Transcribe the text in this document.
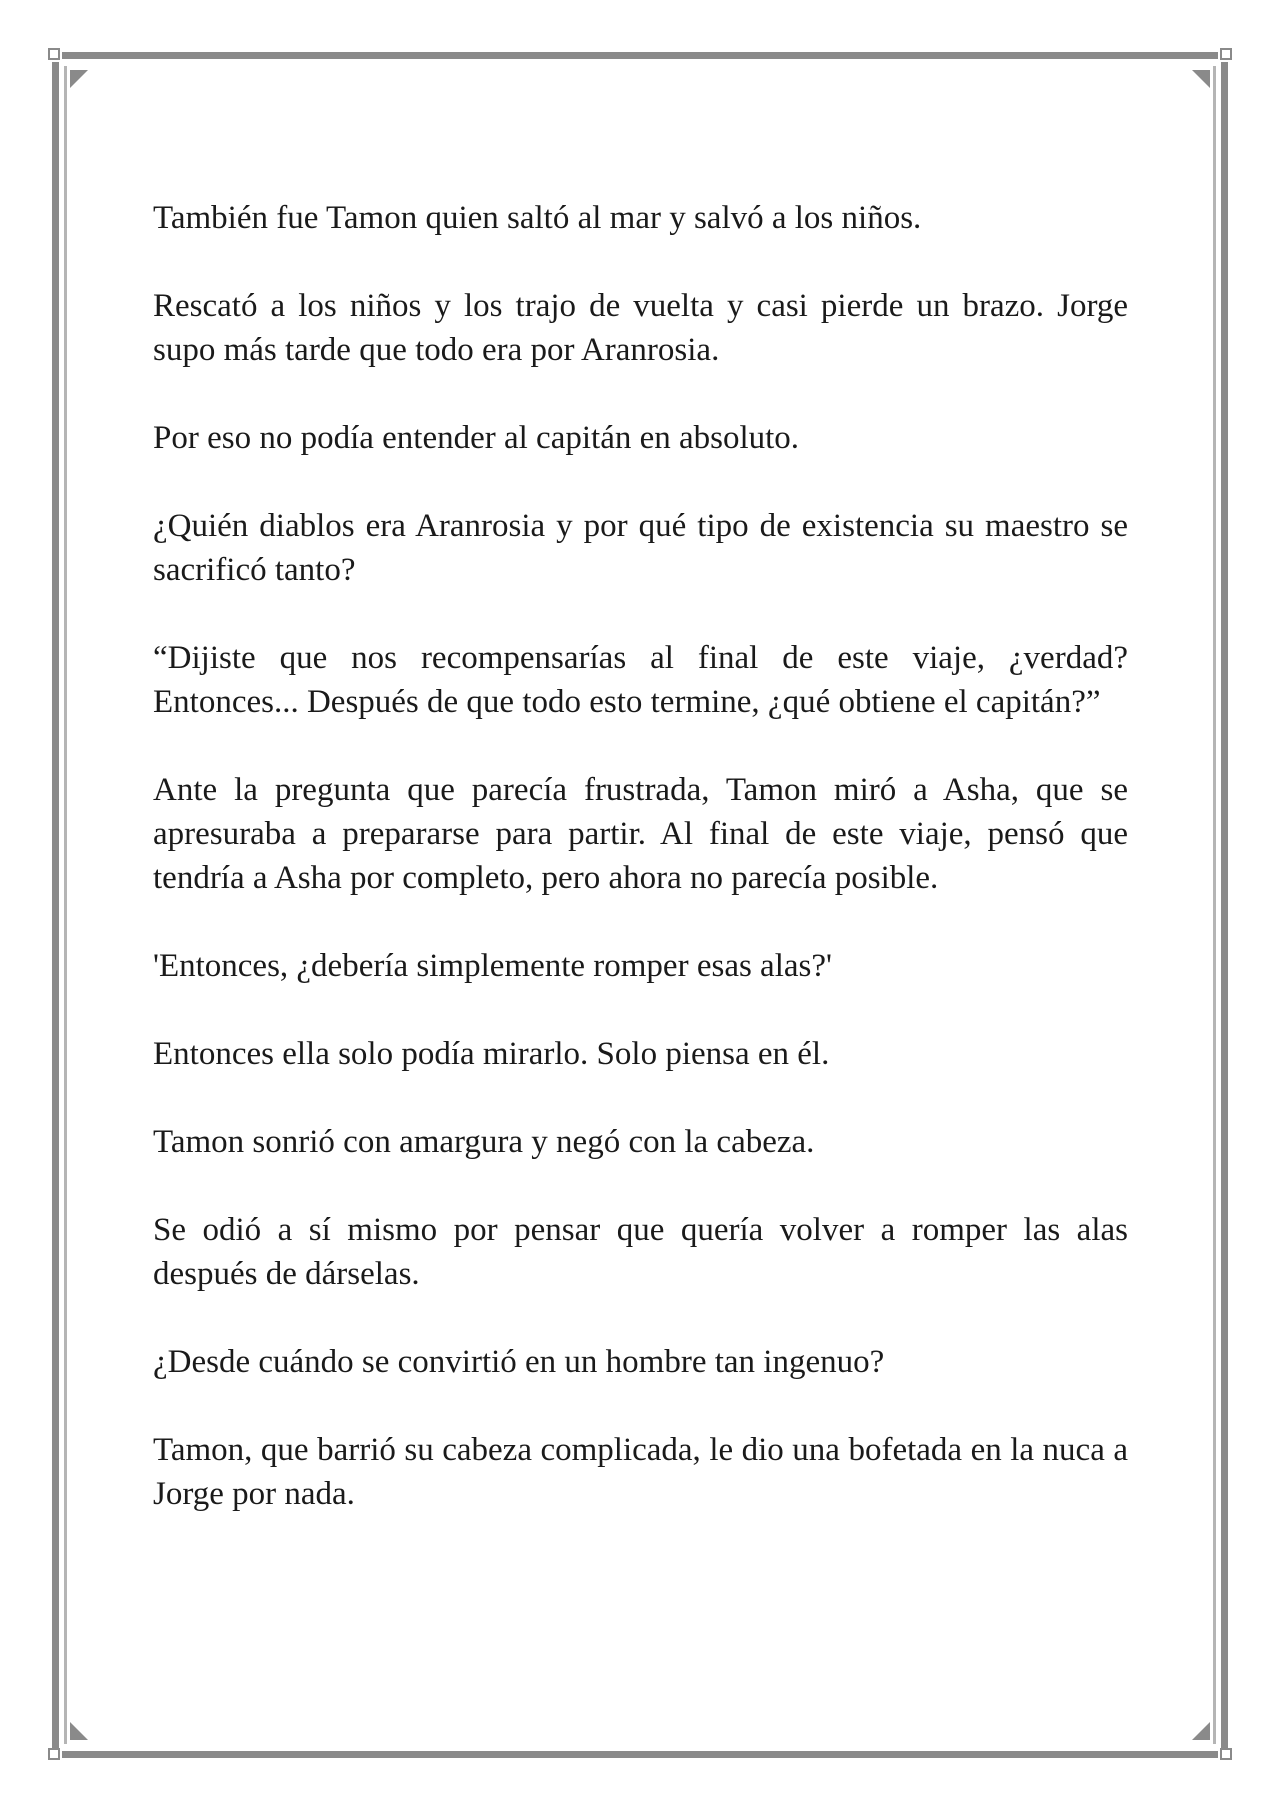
También fue Tamon quien saltó al mar y salvó a los niños.

Rescató a los niños y los trajo de vuelta y casi pierde un brazo. Jorge supo más tarde que todo era por Aranrosia.

Por eso no podía entender al capitán en absoluto.

¿Quién diablos era Aranrosia y por qué tipo de existencia su maestro se sacrificó tanto?

“Dijiste que nos recompensarías al final de este viaje, ¿verdad? Entonces... Después de que todo esto termine, ¿qué obtiene el capitán?”

Ante la pregunta que parecía frustrada, Tamon miró a Asha, que se apresuraba a prepararse para partir. Al final de este viaje, pensó que tendría a Asha por completo, pero ahora no parecía posible.

'Entonces, ¿debería simplemente romper esas alas?'

Entonces ella solo podía mirarlo. Solo piensa en él.

Tamon sonrió con amargura y negó con la cabeza.

Se odió a sí mismo por pensar que quería volver a romper las alas después de dárselas.

¿Desde cuándo se convirtió en un hombre tan ingenuo?

Tamon, que barrió su cabeza complicada, le dio una bofetada en la nuca a Jorge por nada.
